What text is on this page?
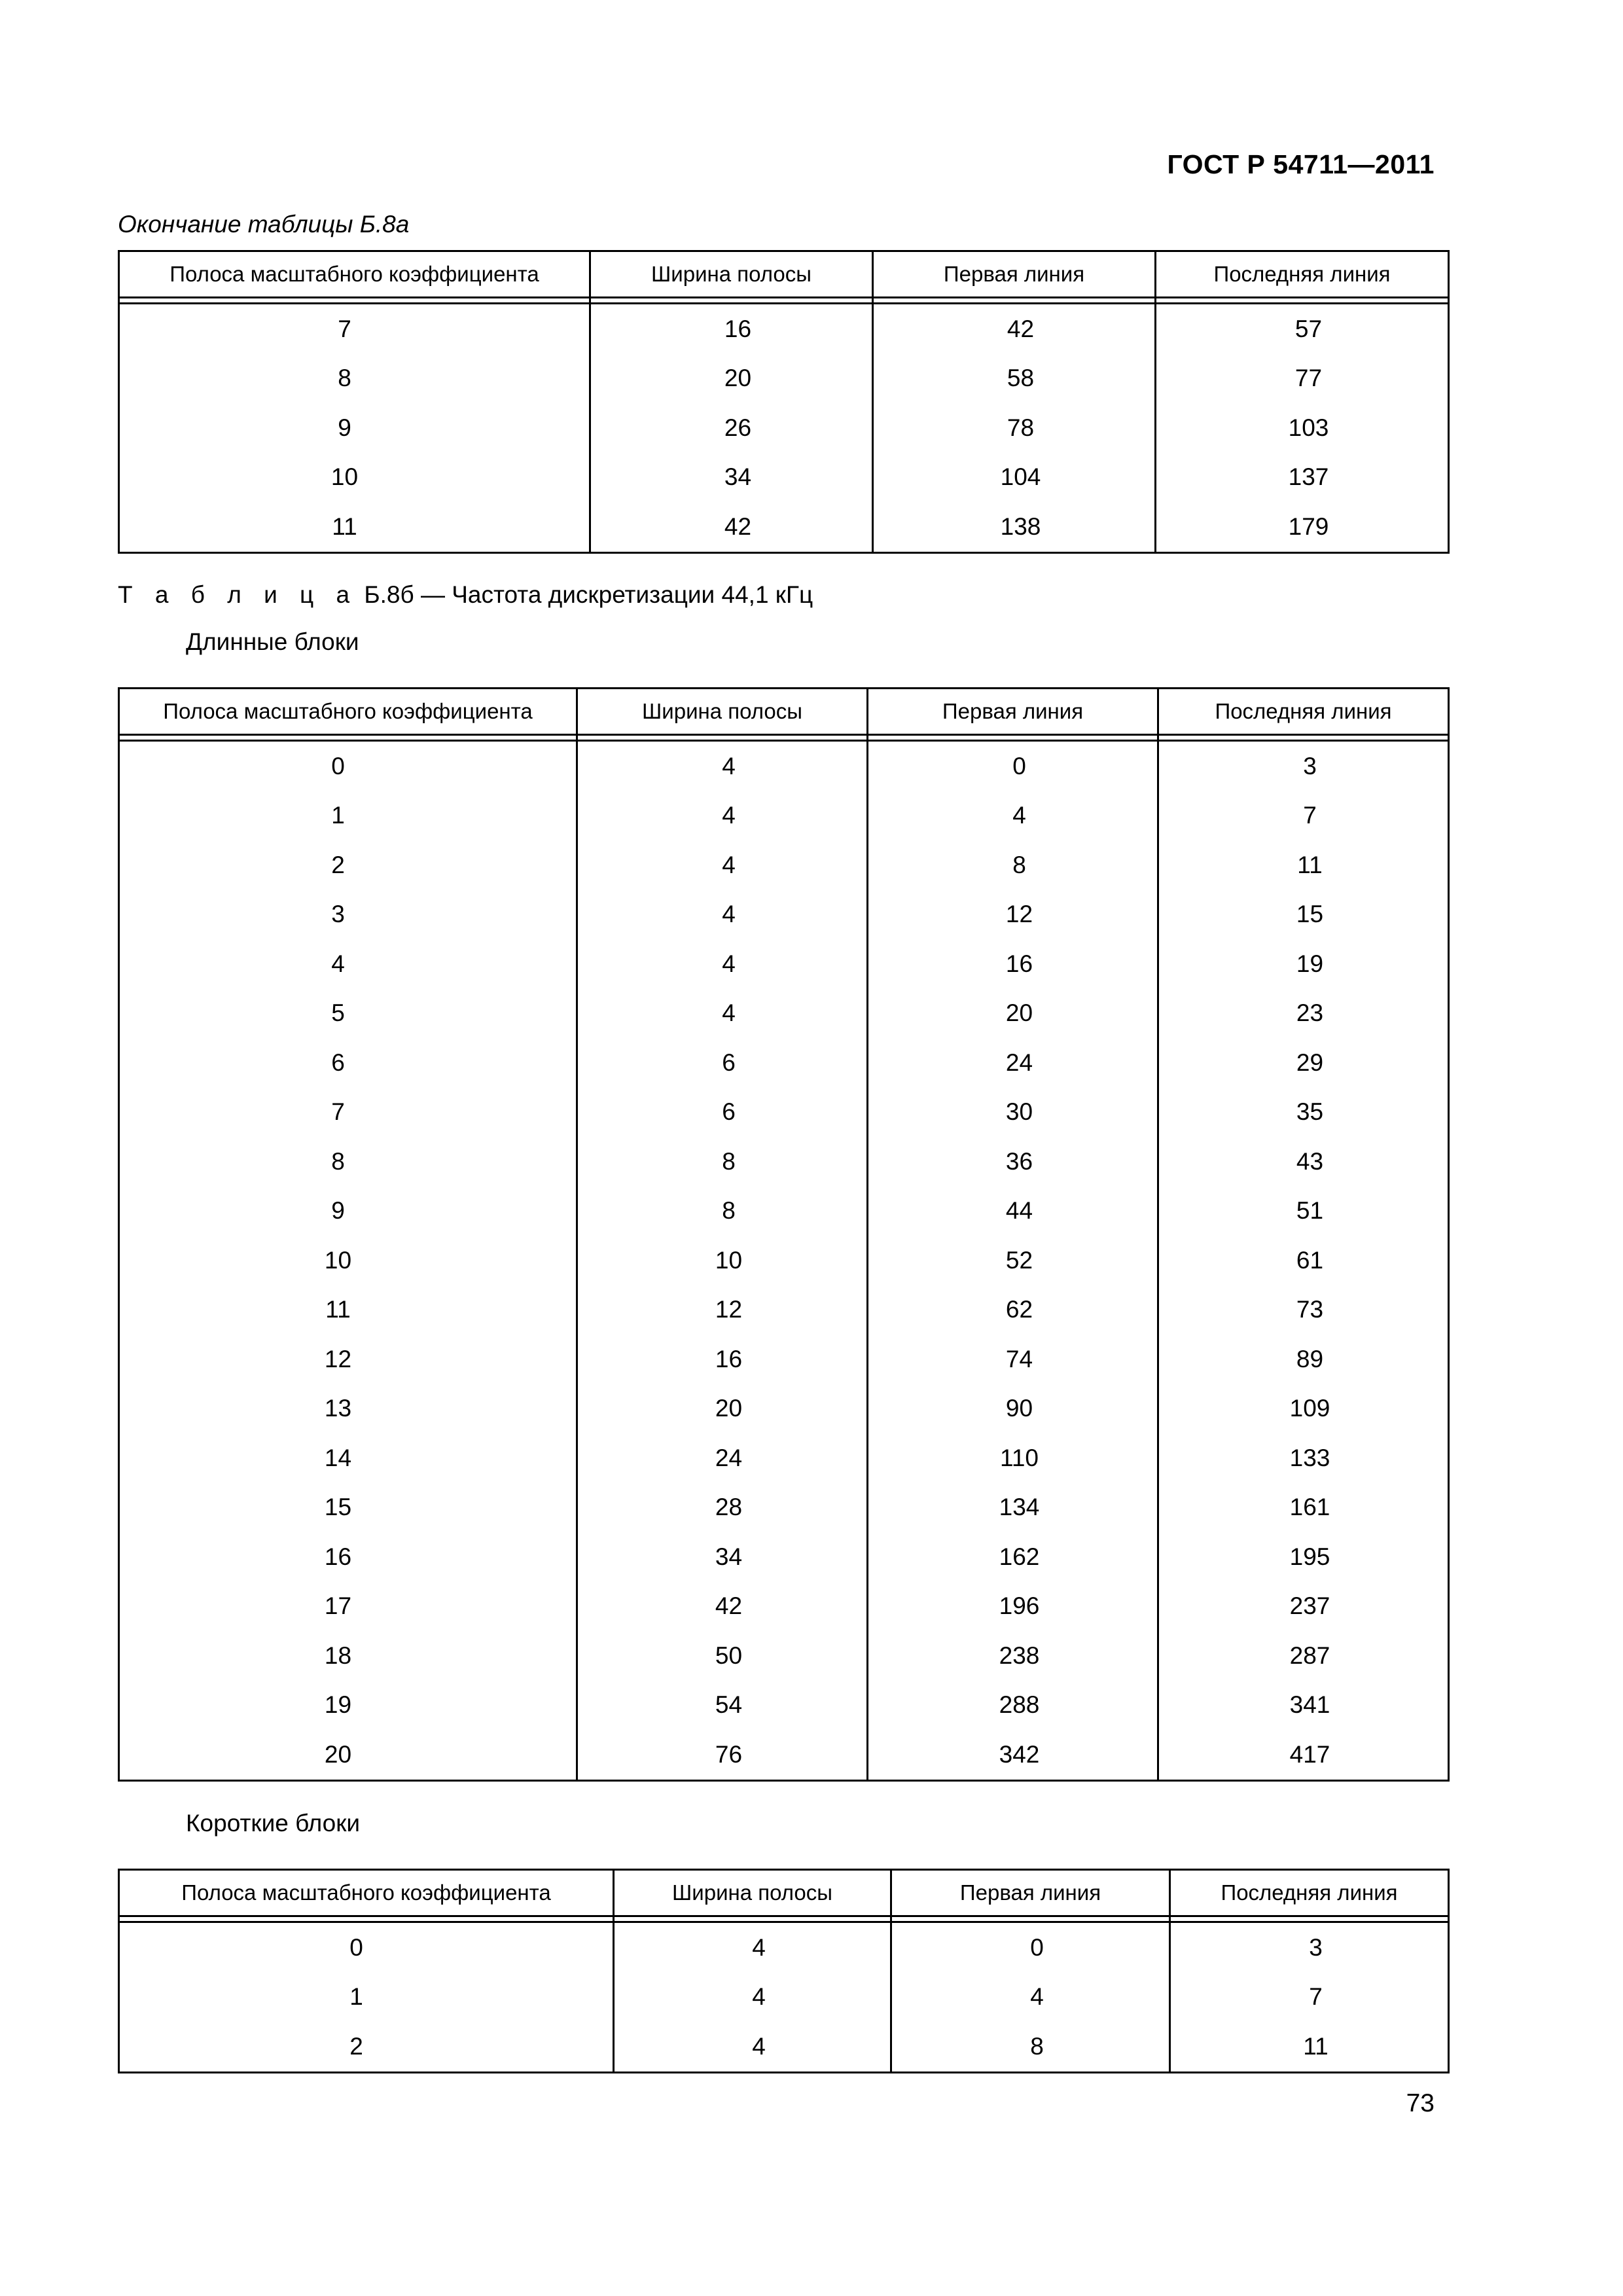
ГОСТ Р 54711—2011
Окончание таблицы Б.8а
Полоса масштабного коэффициента	Ширина полосы	Первая линия	Последняя линия

7	16	42	57
8	20	58	77
9	26	78	103
10	34	104	137
11	42	138	179
Т а б л и ц а Б.8б — Частота дискретизации 44,1 кГц
Длинные блоки
Полоса масштабного коэффициента	Ширина полосы	Первая линия	Последняя линия

0	4	0	3
1	4	4	7
2	4	8	11
3	4	12	15
4	4	16	19
5	4	20	23
6	6	24	29
7	6	30	35
8	8	36	43
9	8	44	51
10	10	52	61
11	12	62	73
12	16	74	89
13	20	90	109
14	24	110	133
15	28	134	161
16	34	162	195
17	42	196	237
18	50	238	287
19	54	288	341
20	76	342	417
Короткие блоки
Полоса масштабного коэффициента	Ширина полосы	Первая линия	Последняя линия

0	4	0	3
1	4	4	7
2	4	8	11
73
